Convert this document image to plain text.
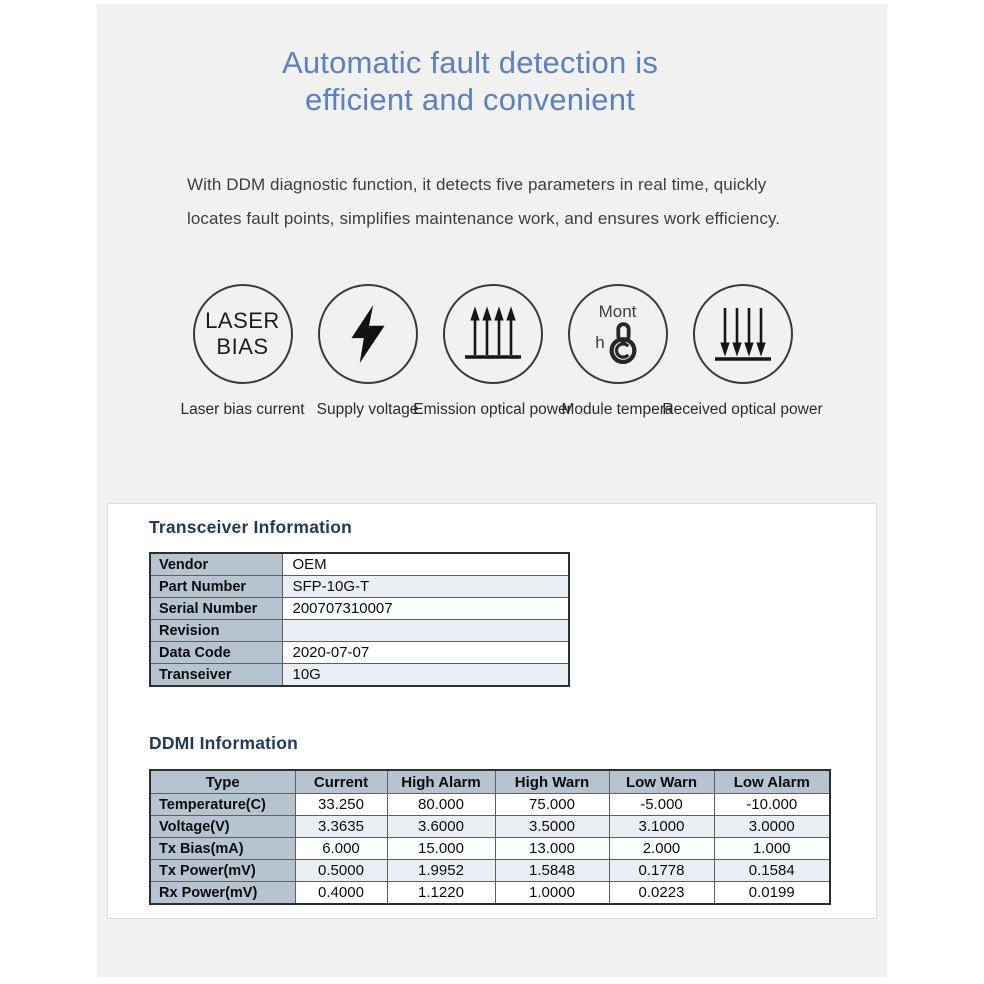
Automatic fault detection is
efficient and convenient
With DDM diagnostic function, it detects five parameters in real time, quickly
locates fault points, simplifies maintenance work, and ensures work efficiency.
LASER
BIAS
Laser bias current Supply voltage
Emission optical power
Mont
h
Module tempera
Received optical power
Transceiver Information
Vendor	OEM
Part Number	SFP-10G-T
Serial Number	200707310007
Revision	
Data Code	2020-07-07
Transeiver	10G
DDMI Information
Type	Current	High Alarm	High Warn	Low Warn	Low Alarm
Temperature(C)	33.250	80.000	75.000	-5.000	-10.000
Voltage(V)	3.3635	3.6000	3.5000	3.1000	3.0000
Tx Bias(mA)	6.000	15.000	13.000	2.000	1.000
Tx Power(mV)	0.5000	1.9952	1.5848	0.1778	0.1584
Rx Power(mV)	0.4000	1.1220	1.0000	0.0223	0.0199
